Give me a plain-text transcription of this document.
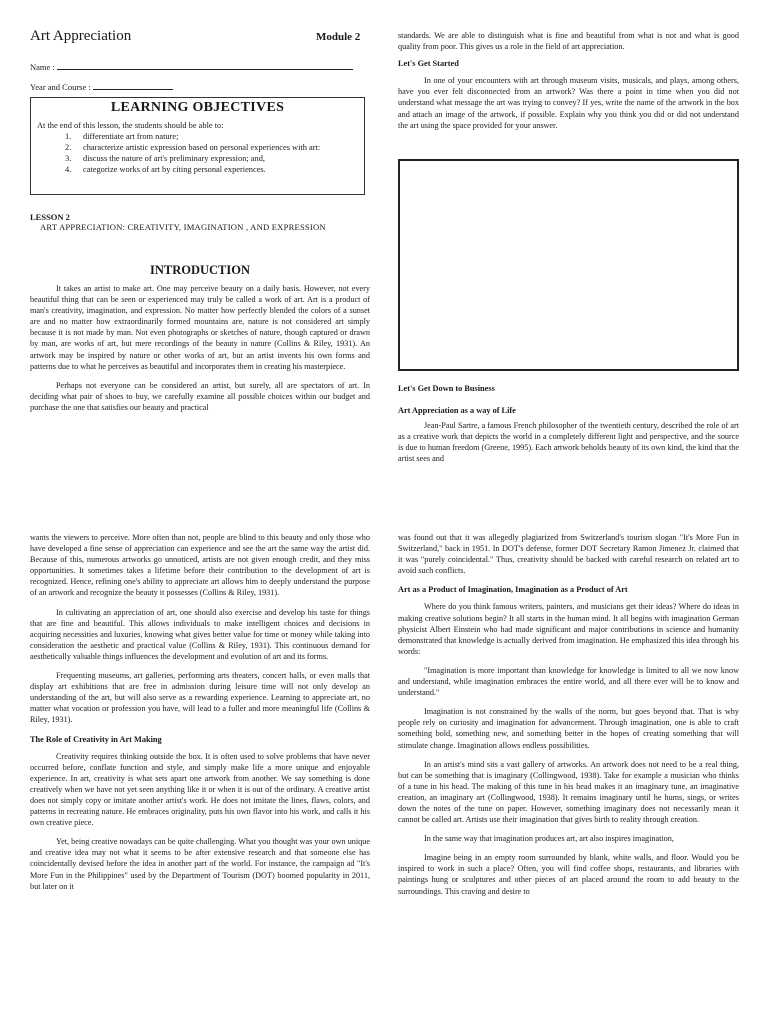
Art Appreciation	Module 2
Name :
Year and Course :
LEARNING OBJECTIVES
At the end of this lesson, the students should be able to:
1.	differentiate art from nature;
2.	characterize artistic expression based on personal experiences with art:
3.	discuss the nature of art's preliminary expression; and,
4.	categorize works of art by citing personal experiences.
LESSON 2
ART APPRECIATION: CREATIVITY, IMAGINATION , AND EXPRESSION
INTRODUCTION

It takes an artist to make art. One may perceive beauty on a daily basis. However, not every beautiful thing that can be seen or experienced may truly be called a work of art. Art is a product of man's creativity, imagination, and expression. No matter how perfectly blended the colors of a sunset are and no matter how extraordinarily formed mountains are, nature is not considered art simply because it is not made by man. Not even photographs or sketches of nature, though captured or drawn by man, are works of art, but mere recordings of the beauty in nature (Collins & Riley, 1931). An artwork may be inspired by nature or other works of art, but an artist invents his own forms and patterns due to what he perceives as beautiful and incorporates them in creating his masterpiece.

Perhaps not everyone can be considered an artist, but surely, all are spectators of art. In deciding what pair of shoes to buy, we carefully examine all possible choices within our budget and purchase the one that satisfies our beauty and practical

standards. We are able to distinguish what is fine and beautiful from what is not and what is good quality from poor. This gives us a role in the field of art appreciation.

Let's Get Started

In one of your encounters with art through museum visits, musicals, and plays, among others, have you ever felt disconnected from an artwork? Was there a point in time when you did not understand what message the art was trying to convey? If yes, write the name of the artwork in the box and attach an image of the artwork, if possible. Explain why you think you did or did not understand the art using the space provided for your answer.

Let's Get Down to Business
Art Appreciation as a way of Life

Jean-Paul Sartre, a famous French philosopher of the twentieth century, described the role of art as a creative work that depicts the world in a completely different light and perspective, and the source is due to human freedom (Greene, 1995). Each artwork beholds beauty of its own kind, the kind that the artist sees and

wants the viewers to perceive. More often than not, people are blind to this beauty and only those who have developed a fine sense of appreciation can experience and see the art the same way the artist did. Because of this, numerous artworks go unnoticed, artists are not given enough credit, and they miss opportunities. It sometimes takes a lifetime before their contribution to the development of art is recognized. Hence, refining one's ability to appreciate art allows him to deeply understand the purpose of an artwork and recognize the beauty it possesses (Collins & Riley, 1931).

In cultivating an appreciation of art, one should also exercise and develop his taste for things that are fine and beautiful. This allows individuals to make intelligent choices and decisions in acquiring necessities and luxuries, knowing what gives better value for time or money while taking into consideration the aesthetic and practical value (Collins & Riley, 1931). This continuous demand for aesthetically valuable things influences the development and evolution of art and its forms.

Frequenting museums, art galleries, performing arts theaters, concert halls, or even malls that display art exhibitions that are free in admission during leisure time will not only develop an understanding of the art, but will also serve as a rewarding experience. Learning to appreciate art, no matter what vocation or profession you have, will lead to a fuller and more meaningful life (Collins & Riley, 1931).

The Role of Creativity in Art Making

Creativity requires thinking outside the box. It is often used to solve problems that have never occurred before, conflate function and style, and simply make life a more unique and enjoyable experience. In art, creativity is what sets apart one artwork from another. We say something is done creatively when we have not yet seen anything like it or when it is out of the ordinary. A creative artist does not simply copy or imitate another artist's work. He does not imitate the lines, flaws, colors, and patterns in recreating nature. He embraces originality, puts his own flavor into his work, and calls it his own creative piece.

Yet, being creative nowadays can be quite challenging. What you thought was your own unique and creative idea may not what it seems to be after extensive research and that someone else has coincidentally devised before the idea in another part of the world. For instance, the campaign ad "It's More Fun in the Philippines" used by the Department of Tourism (DOT) boomed popularity in 2011, but later on it

was found out that it was allegedly plagiarized from Switzerland's tourism slogan "It's More Fun in Switzerland," back in 1951. In DOT's defense, former DOT Secretary Ramon Jimenez Jr. claimed that it was "purely coincidental." Thus, creativity should be backed with careful research on related art to avoid such conflicts.

Art as a Product of Imagination, Imagination as a Product of Art

Where do you think famous writers, painters, and musicians get their ideas? Where do ideas in making creative solutions begin? It all starts in the human mind. It all begins with imagination German physicist Albert Einstein who had made significant and major contributions in science and humanity demonstrated that knowledge is actually derived from imagination. He emphasized this idea through his words:

"Imagination is more important than knowledge for knowledge is limited to all we now know and understand, while imagination embraces the entire world, and all there ever will be to know and understand."

Imagination is not constrained by the walls of the norm, but goes beyond that. That is why people rely on curiosity and imagination for advancement. Through imagination, one is able to craft something bold, something new, and something better in the hopes of creating something that will stimulate change. Imagination allows endless possibilities.

In an artist's mind sits a vast gallery of artworks. An artwork does not need to be a real thing, but can be something that is imaginary (Collingwood, 1938). Take for example a musician who thinks of a tune in his head. The making of this tune in his head makes it an imaginary tune, an imaginative creation, an imaginary art (Collingwood, 1938). It remains imaginary until he hums, sings, or writes down the notes of the tune on paper. However, something imaginary does not necessarily mean it cannot be called art. Artists use their imagination that gives birth to reality through creation.

In the same way that imagination produces art, art also inspires imagination,

Imagine being in an empty room surrounded by blank, white walls, and floor. Would you be inspired to work in such a place? Often, you will find coffee shops, restaurants, and libraries with paintings hung or sculptures and other pieces of art placed around the room to add beauty to the surroundings. This craving and desire to
